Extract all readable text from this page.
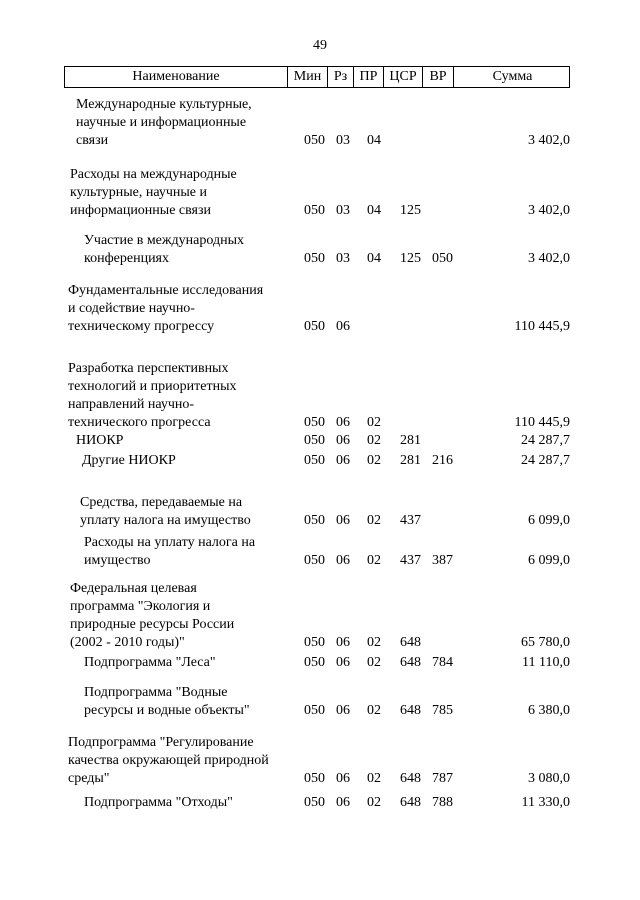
49
Наименование	Мин Рз ПР ЦСР ВР	Сумма
Международные культурные,
научные и информационные
связи	050 03 04	3 402,0
Расходы на международные
культурные, научные и
информационные связи	050 03 04 125	3 402,0
Участие в международных
конференциях	050 03 04 125 050	3 402,0
Фундаментальные исследования
и содействие научно-
техническому прогрессу	050 06	110 445,9
Разработка перспективных
технологий и приоритетных
направлений научно-
технического прогресса	050 06 02	110 445,9
НИОКР	050 06 02 281	24 287,7
Другие НИОКР	050 06 02 281 216	24 287,7
Средства, передаваемые на
уплату налога на имущество	050 06 02 437	6 099,0
Расходы на уплату налога на
имущество	050 06 02 437 387	6 099,0
Федеральная целевая
программа "Экология и
природные ресурсы России
(2002 - 2010 годы)"	050 06 02 648	65 780,0
Подпрограмма "Леса"	050 06 02 648 784	11 110,0
Подпрограмма "Водные
ресурсы и водные объекты"	050 06 02 648 785	6 380,0
Подпрограмма "Регулирование
качества окружающей природной
среды"	050 06 02 648 787	3 080,0
Подпрограмма "Отходы"	050 06 02 648 788	11 330,0
